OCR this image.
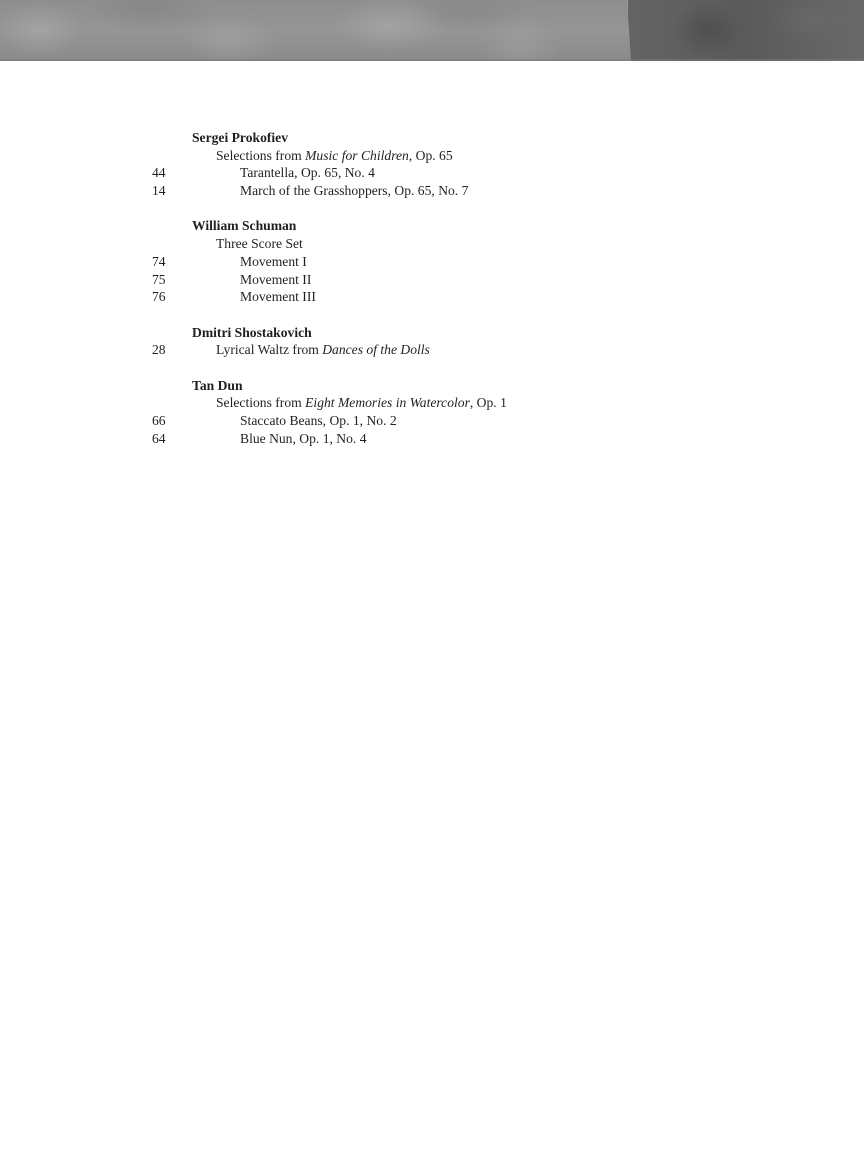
Sergei Prokofiev
Selections from Music for Children, Op. 65
44	Tarantella, Op. 65, No. 4
14	March of the Grasshoppers, Op. 65, No. 7
William Schuman
Three Score Set
74	Movement I
75	Movement II
76	Movement III
Dmitri Shostakovich
28	Lyrical Waltz from Dances of the Dolls
Tan Dun
Selections from Eight Memories in Watercolor, Op. 1
66	Staccato Beans, Op. 1, No. 2
64	Blue Nun, Op. 1, No. 4
